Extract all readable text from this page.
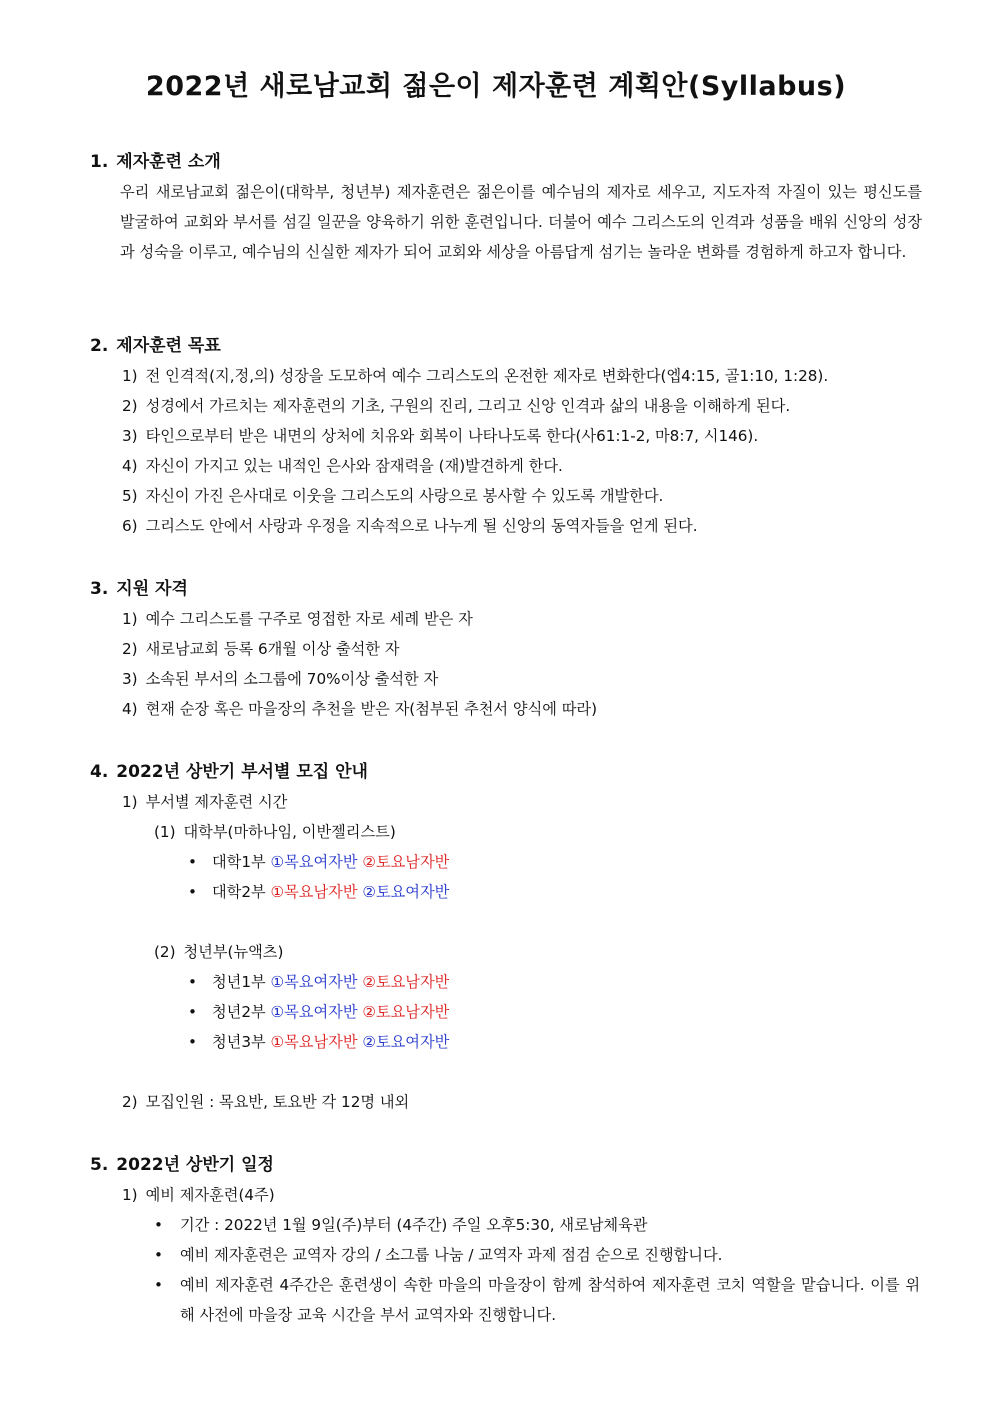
2022년 새로남교회 젊은이 제자훈련 계획안(Syllabus)
1. 제자훈련 소개
우리 새로남교회 젊은이(대학부, 청년부) 제자훈련은 젊은이를 예수님의 제자로 세우고, 지도자적 자질이 있는 평신도를 발굴하여 교회와 부서를 섬길 일꾼을 양육하기 위한 훈련입니다. 더불어 예수 그리스도의 인격과 성품을 배워 신앙의 성장과 성숙을 이루고, 예수님의 신실한 제자가 되어 교회와 세상을 아름답게 섬기는 놀라운 변화를 경험하게 하고자 합니다.
2. 제자훈련 목표
1) 전 인격적(지,정,의) 성장을 도모하여 예수 그리스도의 온전한 제자로 변화한다(엡4:15, 골1:10, 1:28).
2) 성경에서 가르치는 제자훈련의 기초, 구원의 진리, 그리고 신앙 인격과 삶의 내용을 이해하게 된다.
3) 타인으로부터 받은 내면의 상처에 치유와 회복이 나타나도록 한다(사61:1-2, 마8:7, 시146).
4) 자신이 가지고 있는 내적인 은사와 잠재력을 (재)발견하게 한다.
5) 자신이 가진 은사대로 이웃을 그리스도의 사랑으로 봉사할 수 있도록 개발한다.
6) 그리스도 안에서 사랑과 우정을 지속적으로 나누게 될 신앙의 동역자들을 얻게 된다.
3. 지원 자격
1) 예수 그리스도를 구주로 영접한 자로 세례 받은 자
2) 새로남교회 등록 6개월 이상 출석한 자
3) 소속된 부서의 소그룹에 70%이상 출석한 자
4) 현재 순장 혹은 마을장의 추천을 받은 자(첨부된 추천서 양식에 따라)
4. 2022년 상반기 부서별 모집 안내
1) 부서별 제자훈련 시간
(1) 대학부(마하나임, 이반젤리스트)
• 대학1부 ①목요여자반 ②토요남자반
• 대학2부 ①목요남자반 ②토요여자반
(2) 청년부(뉴액츠)
• 청년1부 ①목요여자반 ②토요남자반
• 청년2부 ①목요여자반 ②토요남자반
• 청년3부 ①목요남자반 ②토요여자반
2) 모집인원 : 목요반, 토요반 각 12명 내외
5. 2022년 상반기 일정
1) 예비 제자훈련(4주)
• 기간 : 2022년 1월 9일(주)부터 (4주간) 주일 오후5:30, 새로남체육관
• 예비 제자훈련은 교역자 강의 / 소그룹 나눔 / 교역자 과제 점검 순으로 진행합니다.
• 예비 제자훈련 4주간은 훈련생이 속한 마을의 마을장이 함께 참석하여 제자훈련 코치 역할을 맡습니다. 이를 위해 사전에 마을장 교육 시간을 부서 교역자와 진행합니다.
